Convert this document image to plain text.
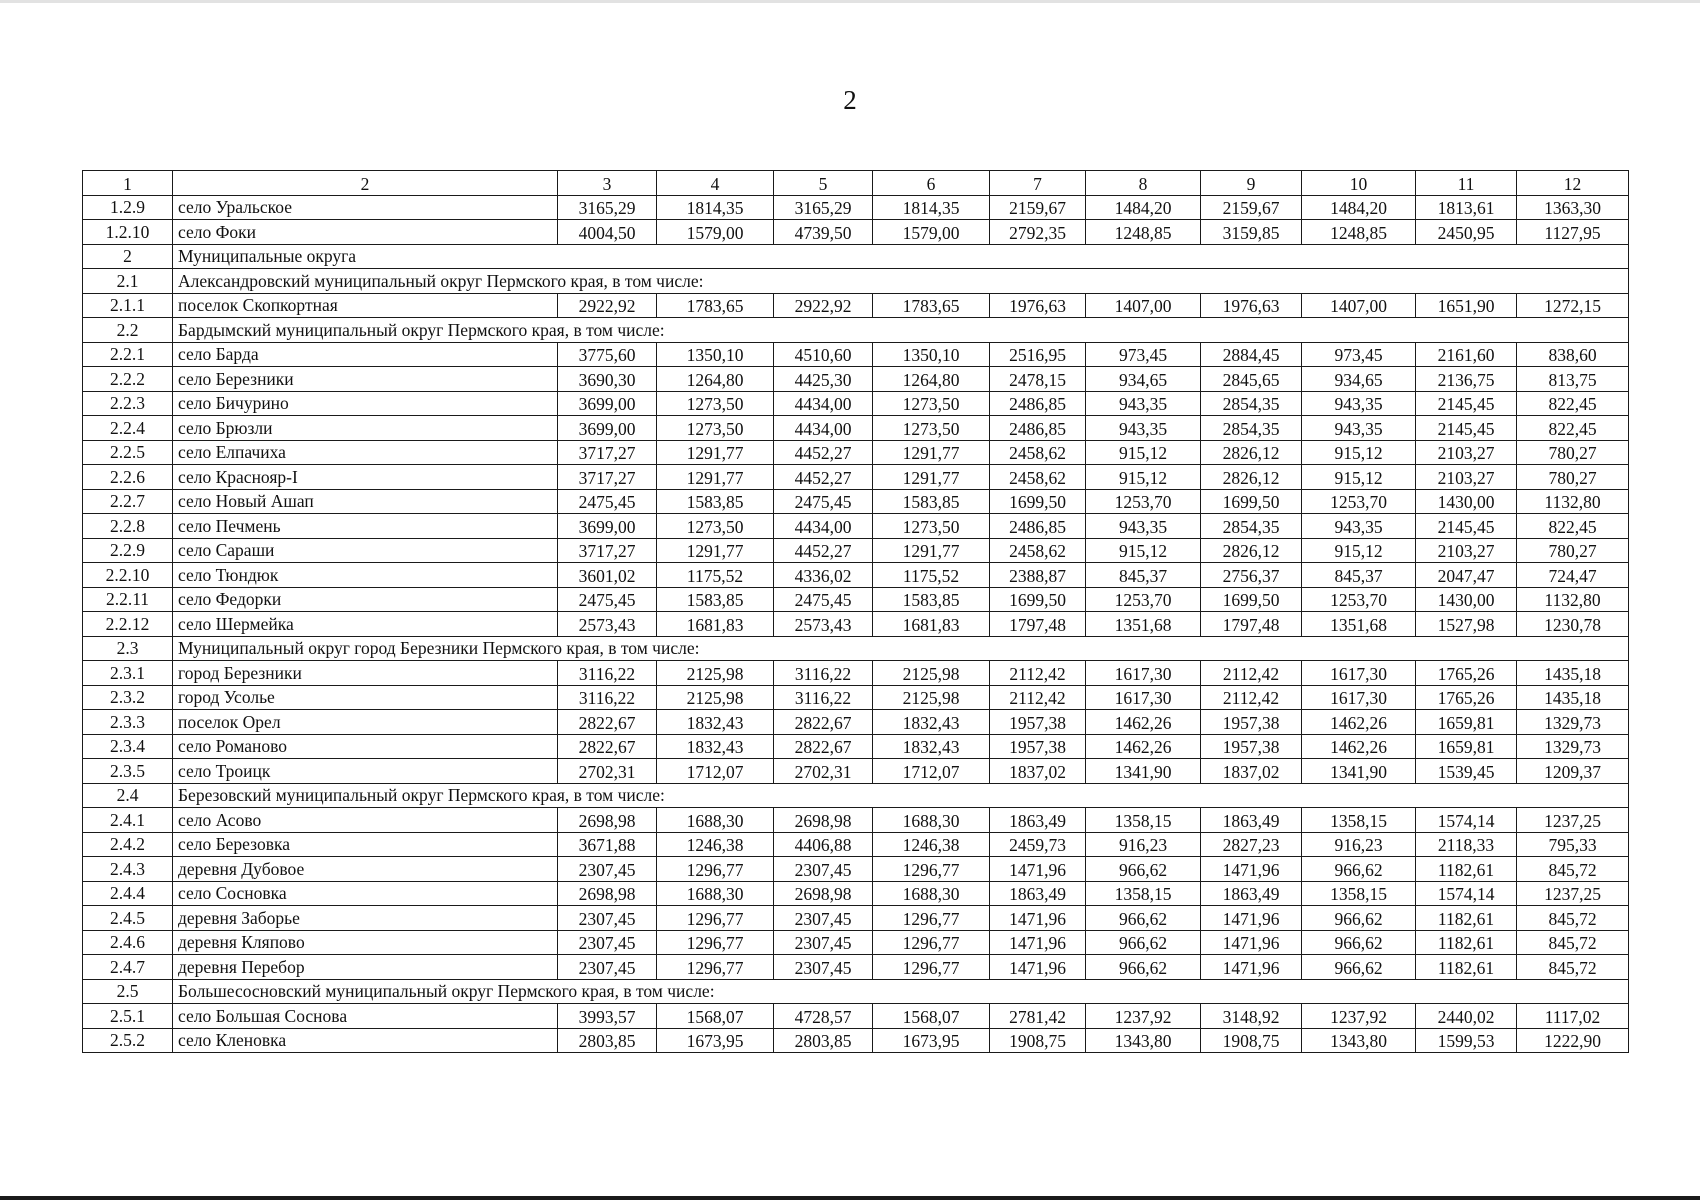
2
1	2	3	4	5	6	7	8	9	10	11	12
1.2.9	село Уральское	3165,29	1814,35	3165,29	1814,35	2159,67	1484,20	2159,67	1484,20	1813,61	1363,30
1.2.10	село Фоки	4004,50	1579,00	4739,50	1579,00	2792,35	1248,85	3159,85	1248,85	2450,95	1127,95
2	Муниципальные округа										
2.1	Александровский муниципальный округ Пермского края, в том числе:										
2.1.1	поселок Скопкортная	2922,92	1783,65	2922,92	1783,65	1976,63	1407,00	1976,63	1407,00	1651,90	1272,15
2.2	Бардымский муниципальный округ Пермского края, в том числе:										
2.2.1	село Барда	3775,60	1350,10	4510,60	1350,10	2516,95	973,45	2884,45	973,45	2161,60	838,60
2.2.2	село Березники	3690,30	1264,80	4425,30	1264,80	2478,15	934,65	2845,65	934,65	2136,75	813,75
2.2.3	село Бичурино	3699,00	1273,50	4434,00	1273,50	2486,85	943,35	2854,35	943,35	2145,45	822,45
2.2.4	село Брюзли	3699,00	1273,50	4434,00	1273,50	2486,85	943,35	2854,35	943,35	2145,45	822,45
2.2.5	село Елпачиха	3717,27	1291,77	4452,27	1291,77	2458,62	915,12	2826,12	915,12	2103,27	780,27
2.2.6	село Краснояр-I	3717,27	1291,77	4452,27	1291,77	2458,62	915,12	2826,12	915,12	2103,27	780,27
2.2.7	село Новый Ашап	2475,45	1583,85	2475,45	1583,85	1699,50	1253,70	1699,50	1253,70	1430,00	1132,80
2.2.8	село Печмень	3699,00	1273,50	4434,00	1273,50	2486,85	943,35	2854,35	943,35	2145,45	822,45
2.2.9	село Сараши	3717,27	1291,77	4452,27	1291,77	2458,62	915,12	2826,12	915,12	2103,27	780,27
2.2.10	село Тюндюк	3601,02	1175,52	4336,02	1175,52	2388,87	845,37	2756,37	845,37	2047,47	724,47
2.2.11	село Федорки	2475,45	1583,85	2475,45	1583,85	1699,50	1253,70	1699,50	1253,70	1430,00	1132,80
2.2.12	село Шермейка	2573,43	1681,83	2573,43	1681,83	1797,48	1351,68	1797,48	1351,68	1527,98	1230,78
2.3	Муниципальный округ город Березники Пермского края, в том числе:										
2.3.1	город Березники	3116,22	2125,98	3116,22	2125,98	2112,42	1617,30	2112,42	1617,30	1765,26	1435,18
2.3.2	город Усолье	3116,22	2125,98	3116,22	2125,98	2112,42	1617,30	2112,42	1617,30	1765,26	1435,18
2.3.3	поселок Орел	2822,67	1832,43	2822,67	1832,43	1957,38	1462,26	1957,38	1462,26	1659,81	1329,73
2.3.4	село Романово	2822,67	1832,43	2822,67	1832,43	1957,38	1462,26	1957,38	1462,26	1659,81	1329,73
2.3.5	село Троицк	2702,31	1712,07	2702,31	1712,07	1837,02	1341,90	1837,02	1341,90	1539,45	1209,37
2.4	Березовский муниципальный округ Пермского края, в том числе:										
2.4.1	село Асово	2698,98	1688,30	2698,98	1688,30	1863,49	1358,15	1863,49	1358,15	1574,14	1237,25
2.4.2	село Березовка	3671,88	1246,38	4406,88	1246,38	2459,73	916,23	2827,23	916,23	2118,33	795,33
2.4.3	деревня Дубовое	2307,45	1296,77	2307,45	1296,77	1471,96	966,62	1471,96	966,62	1182,61	845,72
2.4.4	село Сосновка	2698,98	1688,30	2698,98	1688,30	1863,49	1358,15	1863,49	1358,15	1574,14	1237,25
2.4.5	деревня Заборье	2307,45	1296,77	2307,45	1296,77	1471,96	966,62	1471,96	966,62	1182,61	845,72
2.4.6	деревня Кляпово	2307,45	1296,77	2307,45	1296,77	1471,96	966,62	1471,96	966,62	1182,61	845,72
2.4.7	деревня Перебор	2307,45	1296,77	2307,45	1296,77	1471,96	966,62	1471,96	966,62	1182,61	845,72
2.5	Большесосновский муниципальный округ Пермского края, в том числе:										
2.5.1	село Большая Соснова	3993,57	1568,07	4728,57	1568,07	2781,42	1237,92	3148,92	1237,92	2440,02	1117,02
2.5.2	село Кленовка	2803,85	1673,95	2803,85	1673,95	1908,75	1343,80	1908,75	1343,80	1599,53	1222,90
